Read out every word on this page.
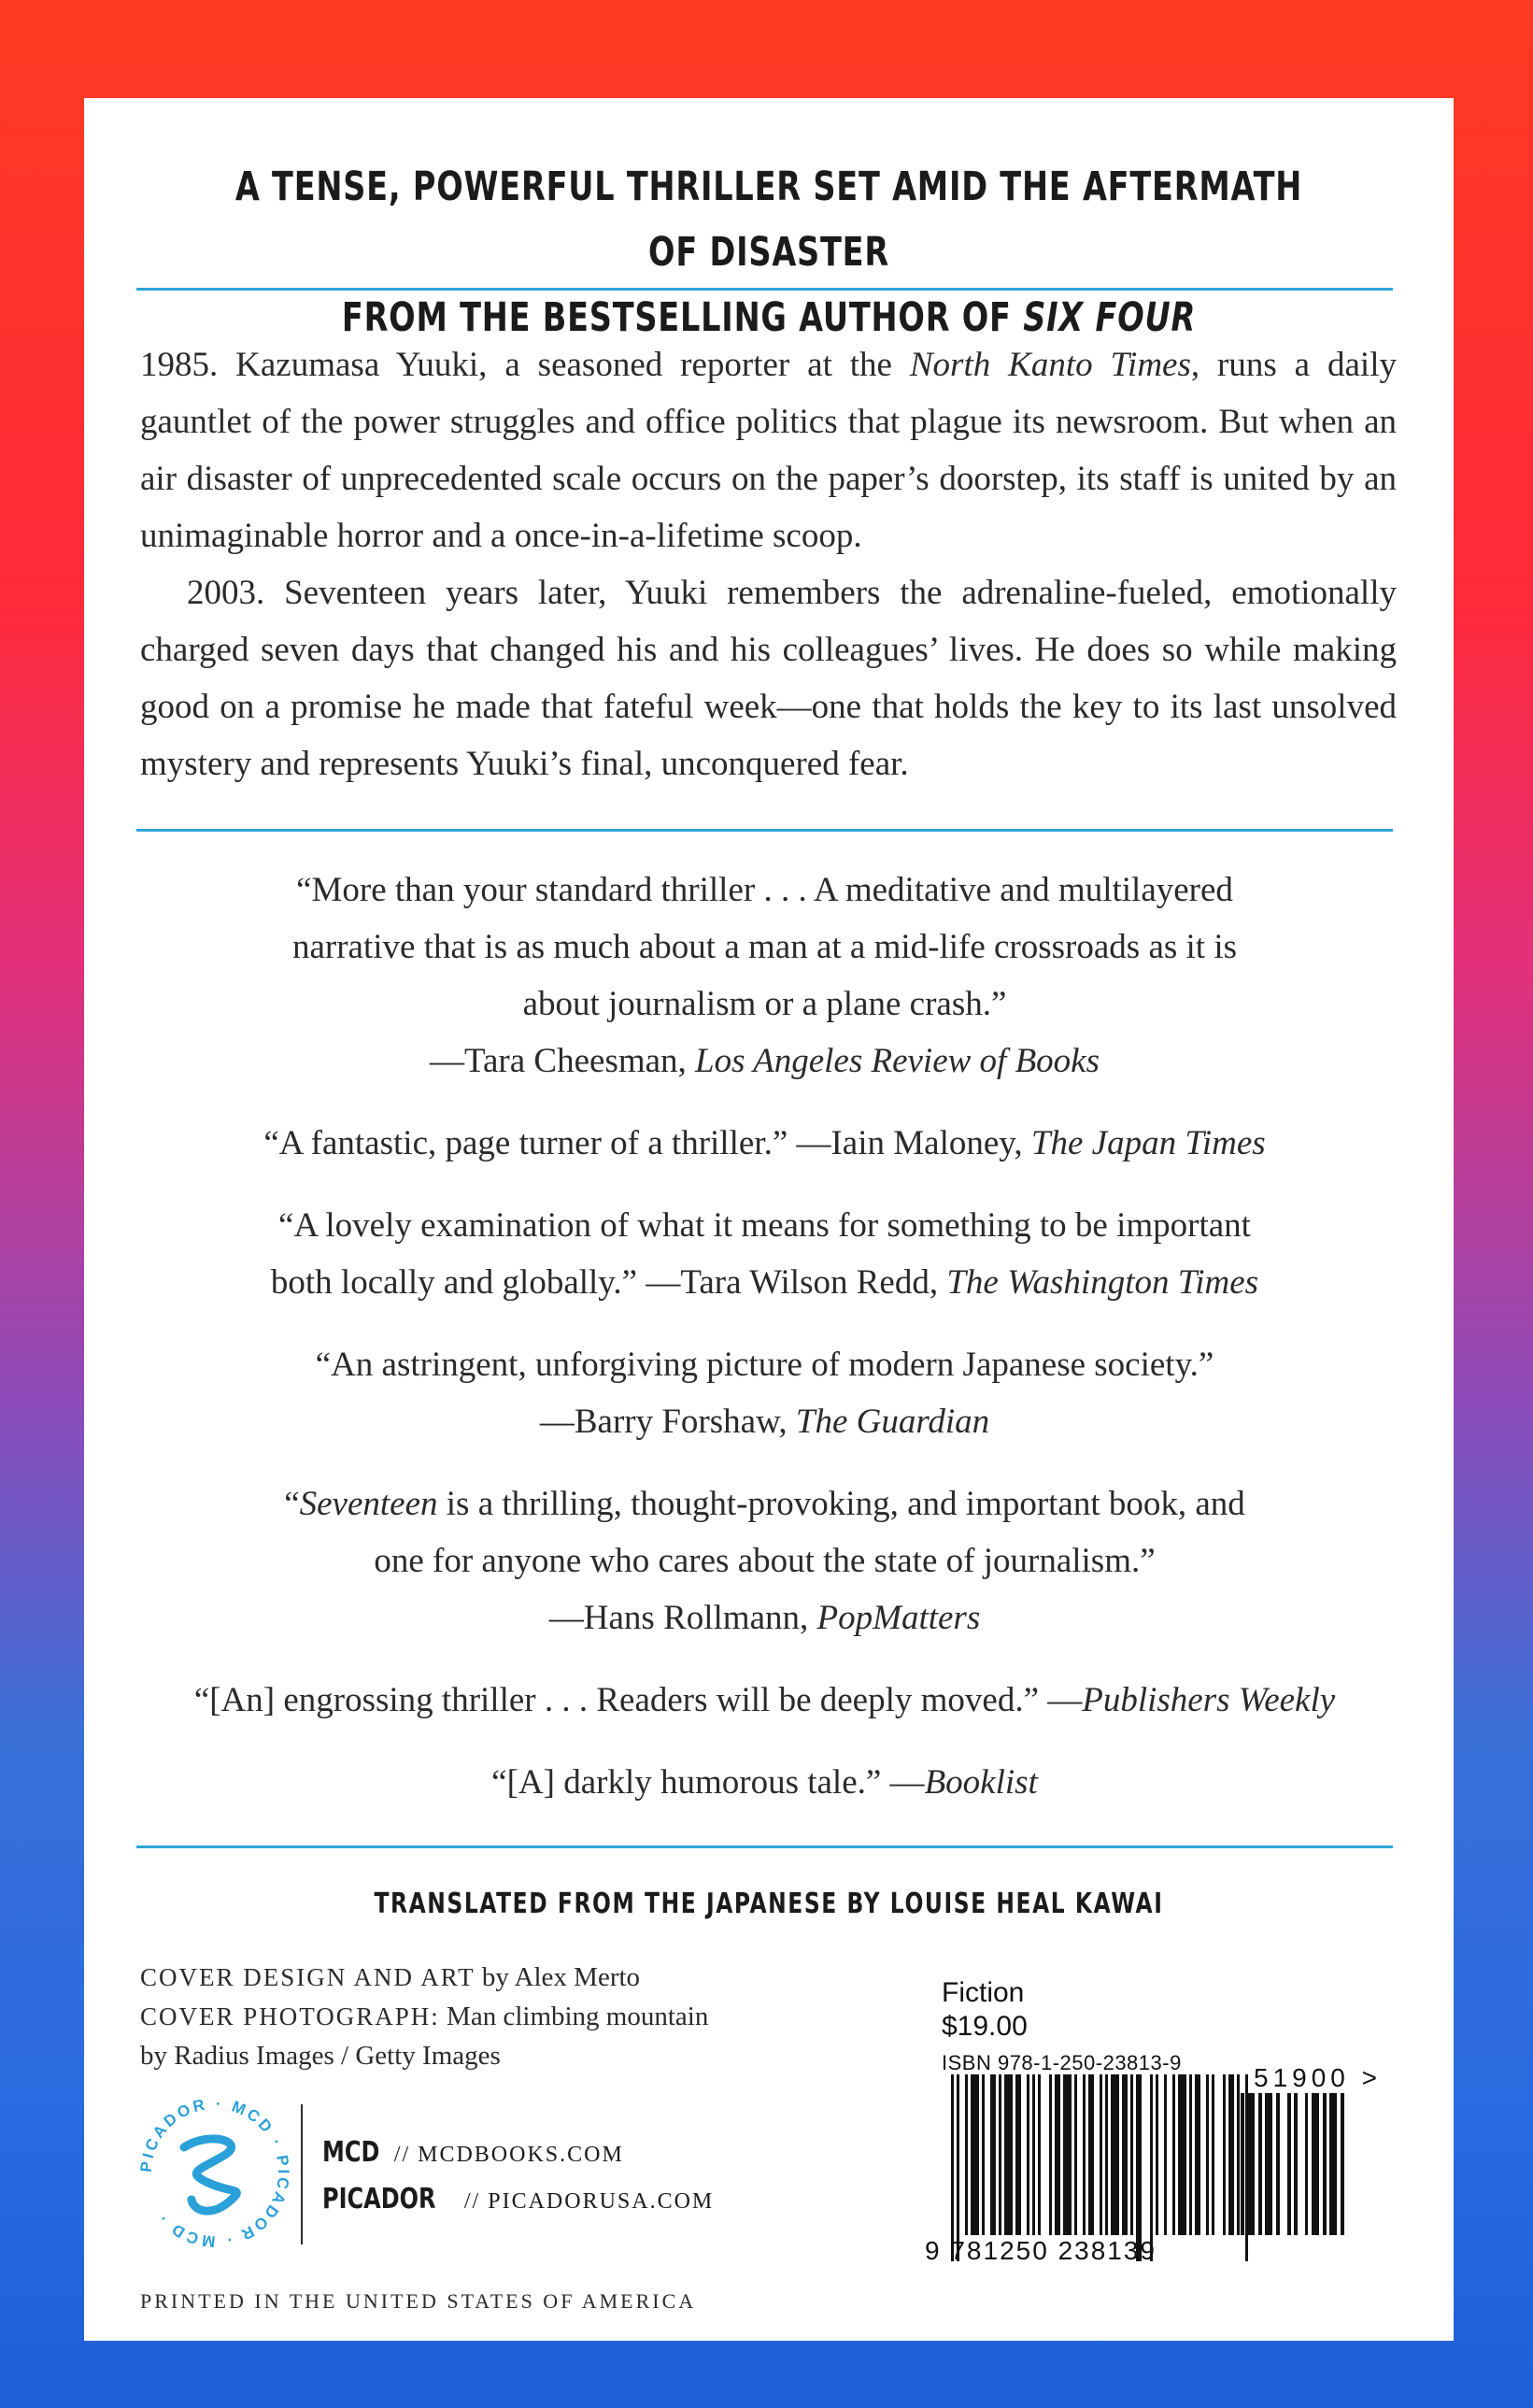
A TENSE, POWERFUL THRILLER SET AMID THE AFTERMATH OF DISASTER
FROM THE BESTSELLING AUTHOR OF SIX FOUR

1985. Kazumasa Yuuki, a seasoned reporter at the North Kanto Times, runs a daily gauntlet of the power struggles and office politics that plague its newsroom. But when an air disaster of unprecedented scale occurs on the paper’s doorstep, its staff is united by an unimaginable horror and a once-in-a-lifetime scoop.

2003. Seventeen years later, Yuuki remembers the adrenaline-fueled, emotionally charged seven days that changed his and his colleagues’ lives. He does so while making good on a promise he made that fateful week—one that holds the key to its last unsolved mystery and represents Yuuki’s final, unconquered fear.

“More than your standard thriller . . . A meditative and multilayered
narrative that is as much about a man at a mid-life crossroads as it is
about journalism or a plane crash.”
—Tara Cheesman, Los Angeles Review of Books
“A fantastic, page turner of a thriller.” —Iain Maloney, The Japan Times
“A lovely examination of what it means for something to be important
both locally and globally.” —Tara Wilson Redd, The Washington Times
“An astringent, unforgiving picture of modern Japanese society.”
—Barry Forshaw, The Guardian
“Seventeen is a thrilling, thought-provoking, and important book, and
one for anyone who cares about the state of journalism.”
—Hans Rollmann, PopMatters
“[An] engrossing thriller . . . Readers will be deeply moved.” —Publishers Weekly
“[A] darkly humorous tale.” —Booklist
TRANSLATED FROM THE JAPANESE BY LOUISE HEAL KAWAI
COVER DESIGN AND ART by Alex Merto
COVER PHOTOGRAPH: Man climbing mountain
by Radius Images / Getty Images
PICADOR · MCD · PICADOR · MCD ·
MCD // MCDBOOKS.COM
PICADOR // PICADORUSA.COM
PRINTED IN THE UNITED STATES OF AMERICA
Fiction
$19.00
ISBN 978-1-250-23813-9
51900 >
9 781250 238139
